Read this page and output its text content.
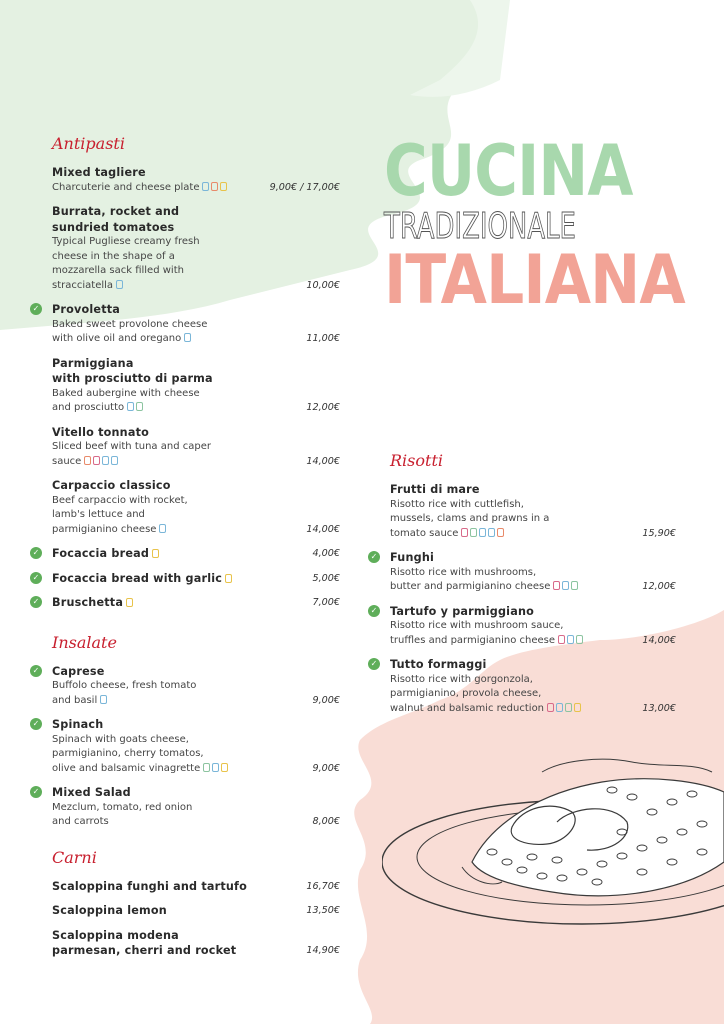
CUCINA
TRADIZIONALE
ITALIANA
Antipasti
Mixed tagliere
Charcuterie and cheese plate	9,00€ / 17,00€
Burrata, rocket and
sundried tomatoes
Typical Pugliese creamy fresh
cheese in the shape of a
mozzarella sack filled with
stracciatella	10,00€
✓ Provoletta
Baked sweet provolone cheese
with olive oil and oregano	11,00€
Parmiggiana
with prosciutto di parma
Baked aubergine with cheese
and prosciutto	12,00€
Vitello tonnato
Sliced beef with tuna and caper
sauce	14,00€
Carpaccio classico
Beef carpaccio with rocket,
lamb's lettuce and
parmigianino cheese	14,00€
✓ Focaccia bread	4,00€
✓ Focaccia bread with garlic	5,00€
✓ Bruschetta	7,00€
Insalate
✓ Caprese
Buffolo cheese, fresh tomato
and basil	9,00€
✓ Spinach
Spinach with goats cheese,
parmigianino, cherry tomatos,
olive and balsamic vinagrette	9,00€
✓ Mixed Salad
Mezclum, tomato, red onion
and carrots	8,00€
Carni
Scaloppina funghi and tartufo	16,70€
Scaloppina lemon	13,50€
Scaloppina modena
parmesan, cherri and rocket	14,90€
Risotti
Frutti di mare
Risotto rice with cuttlefish,
mussels, clams and prawns in a
tomato sauce	15,90€
✓ Funghi
Risotto rice with mushrooms,
butter and parmigianino cheese	12,00€
✓ Tartufo y parmiggiano
Risotto rice with mushroom sauce,
truffles and parmigianino cheese	14,00€
✓ Tutto formaggi
Risotto rice with gorgonzola,
parmigianino, provola cheese,
walnut and balsamic reduction	13,00€
